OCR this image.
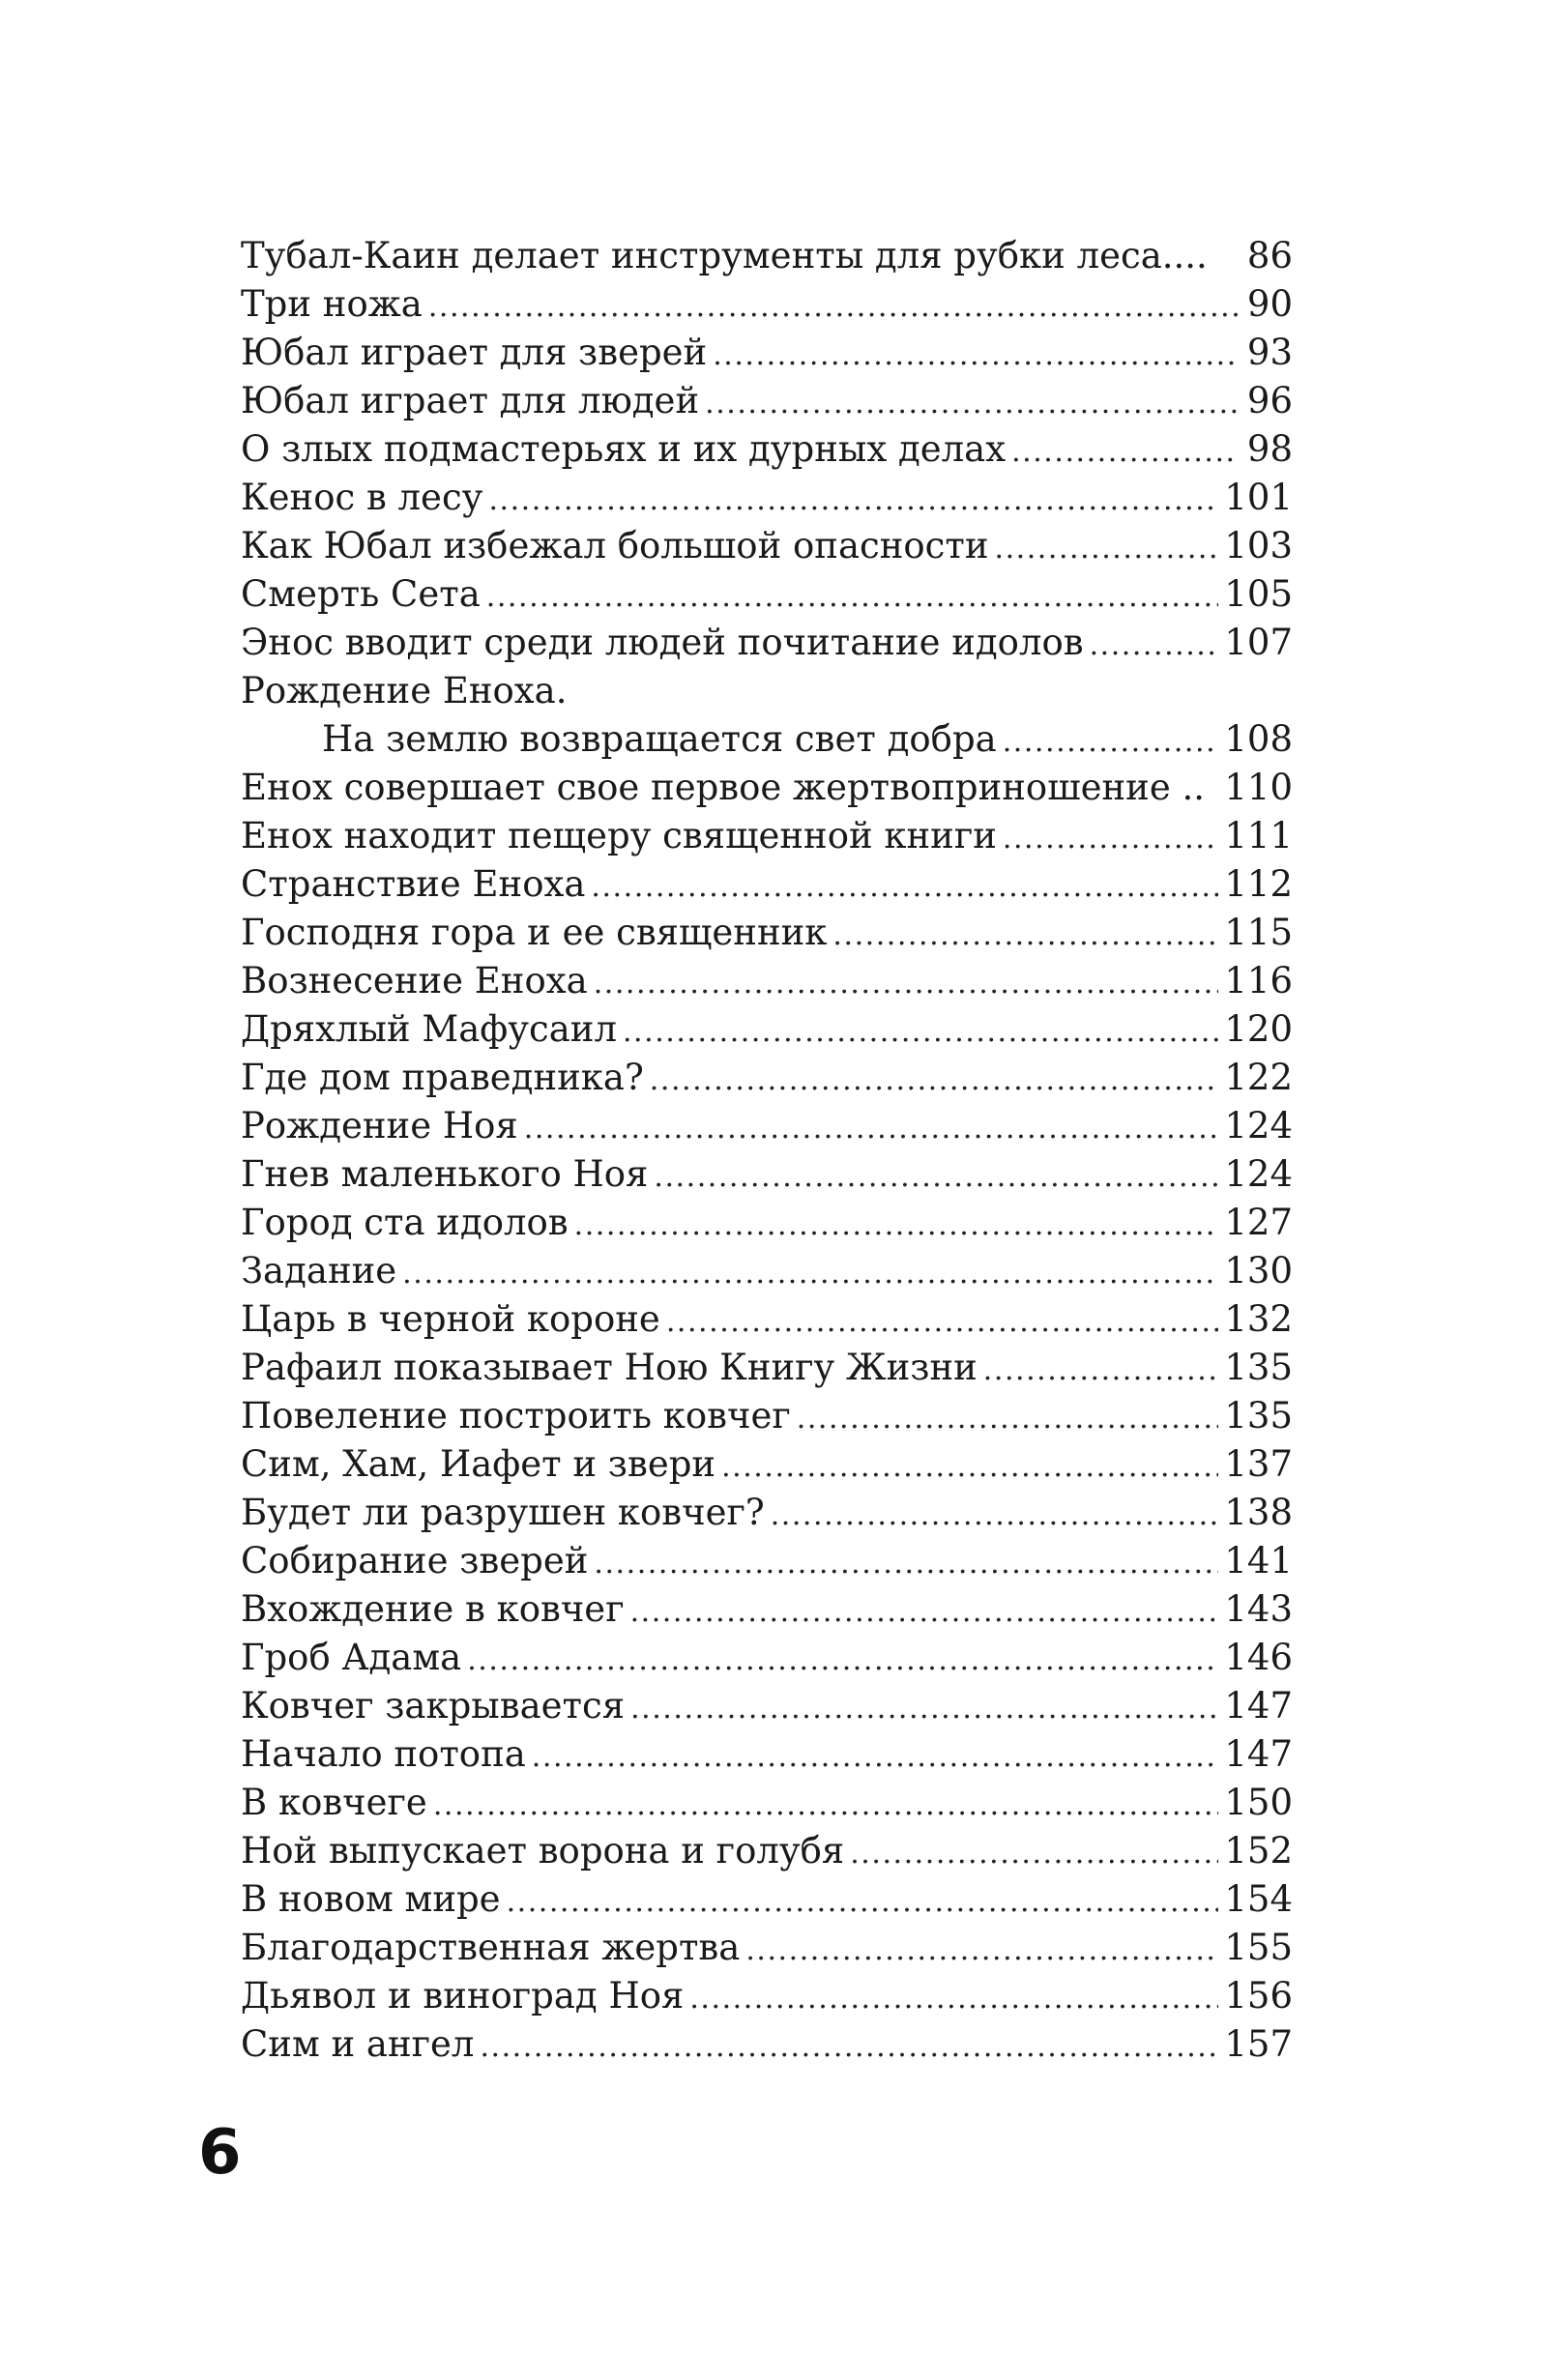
Тубал-Каин делает инструменты для рубки леса.... 86
Три ножа . . .	90
Юбал играет для зверей . . .	93
Юбал играет для людей . . .	96
О злых подмастерьях и их дурных делах . . .	98
Кенос в лесу . . .	101
Как Юбал избежал большой опасности . . .	103
Смерть Сета . . .	105
Энос вводит среди людей почитание идолов . . .	107
Рождение Еноха.
На землю возвращается свет добра . . .	108
Енох совершает свое первое жертвоприношение .. 110
Енох находит пещеру священной книги . . .	111
Странствие Еноха . . .	112
Господня гора и ее священник . . .	115
Вознесение Еноха . . .	116
Дряхлый Мафусаил . . .	120
Где дом праведника? . . .	122
Рождение Ноя . . .	124
Гнев маленького Ноя . . .	124
Город ста идолов . . .	127
Задание . . .	130
Царь в черной короне . . .	132
Рафаил показывает Ною Книгу Жизни . . .	135
Повеление построить ковчег . . .	135
Сим, Хам, Иафет и звери . . .	137
Будет ли разрушен ковчег? . . .	138
Собирание зверей . . .	141
Вхождение в ковчег . . .	143
Гроб Адама . . .	146
Ковчег закрывается . . .	147
Начало потопа . . .	147
В ковчеге . . .	150
Ной выпускает ворона и голубя . . .	152
В новом мире . . .	154
Благодарственная жертва . . .	155
Дьявол и виноград Ноя . . .	156
Сим и ангел . . .	157
6
